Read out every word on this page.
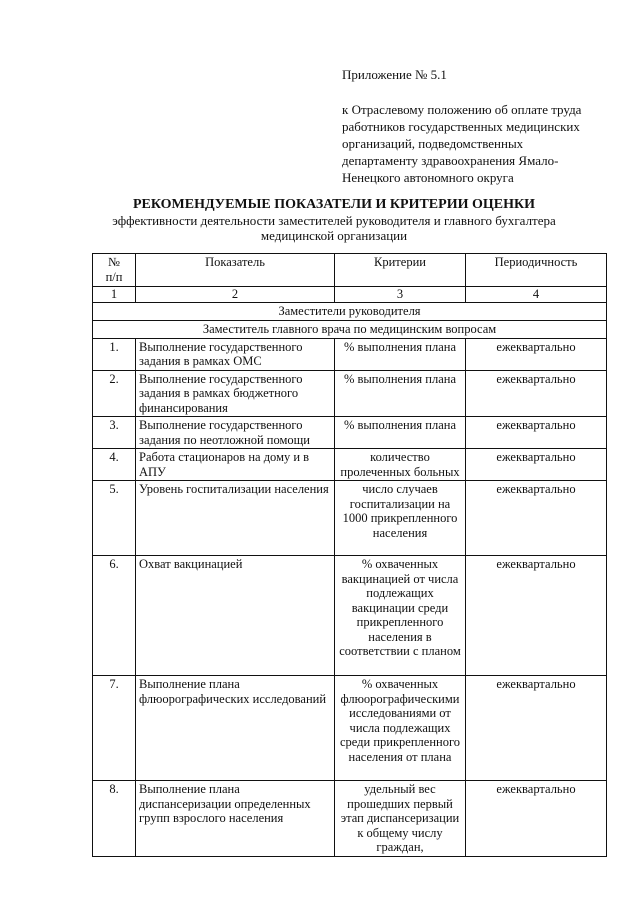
Приложение № 5.1
к Отраслевому положению об оплате труда
работников государственных медицинских
организаций, подведомственных
департаменту здравоохранения Ямало-
Ненецкого автономного округа
РЕКОМЕНДУЕМЫЕ ПОКАЗАТЕЛИ И КРИТЕРИИ ОЦЕНКИ
эффективности деятельности заместителей руководителя и главного бухгалтера
медицинской организации
№
п/п	Показатель	Критерии	Периодичность
1	2	3	4
Заместители руководителя			
Заместитель главного врача по медицинским вопросам			
1.	Выполнение государственного задания в рамках ОМС	% выполнения плана	ежеквартально
2.	Выполнение государственного задания в рамках бюджетного финансирования	% выполнения плана	ежеквартально
3.	Выполнение государственного задания по неотложной помощи	% выполнения плана	ежеквартально
4.	Работа стационаров на дому и в АПУ	количество пролеченных больных	ежеквартально
5.	Уровень госпитализации населения	число случаев госпитализации на 1000 прикрепленного населения	ежеквартально
6.	Охват вакцинацией	% охваченных вакцинацией от числа подлежащих вакцинации среди прикрепленного населения в соответствии с планом	ежеквартально
7.	Выполнение плана флюорографических исследований	% охваченных флюорографическими исследованиями от числа подлежащих среди прикрепленного населения от плана	ежеквартально
8.	Выполнение плана диспансеризации определенных групп взрослого населения	удельный вес прошедших первый этап диспансеризации к общему числу граждан,	ежеквартально
